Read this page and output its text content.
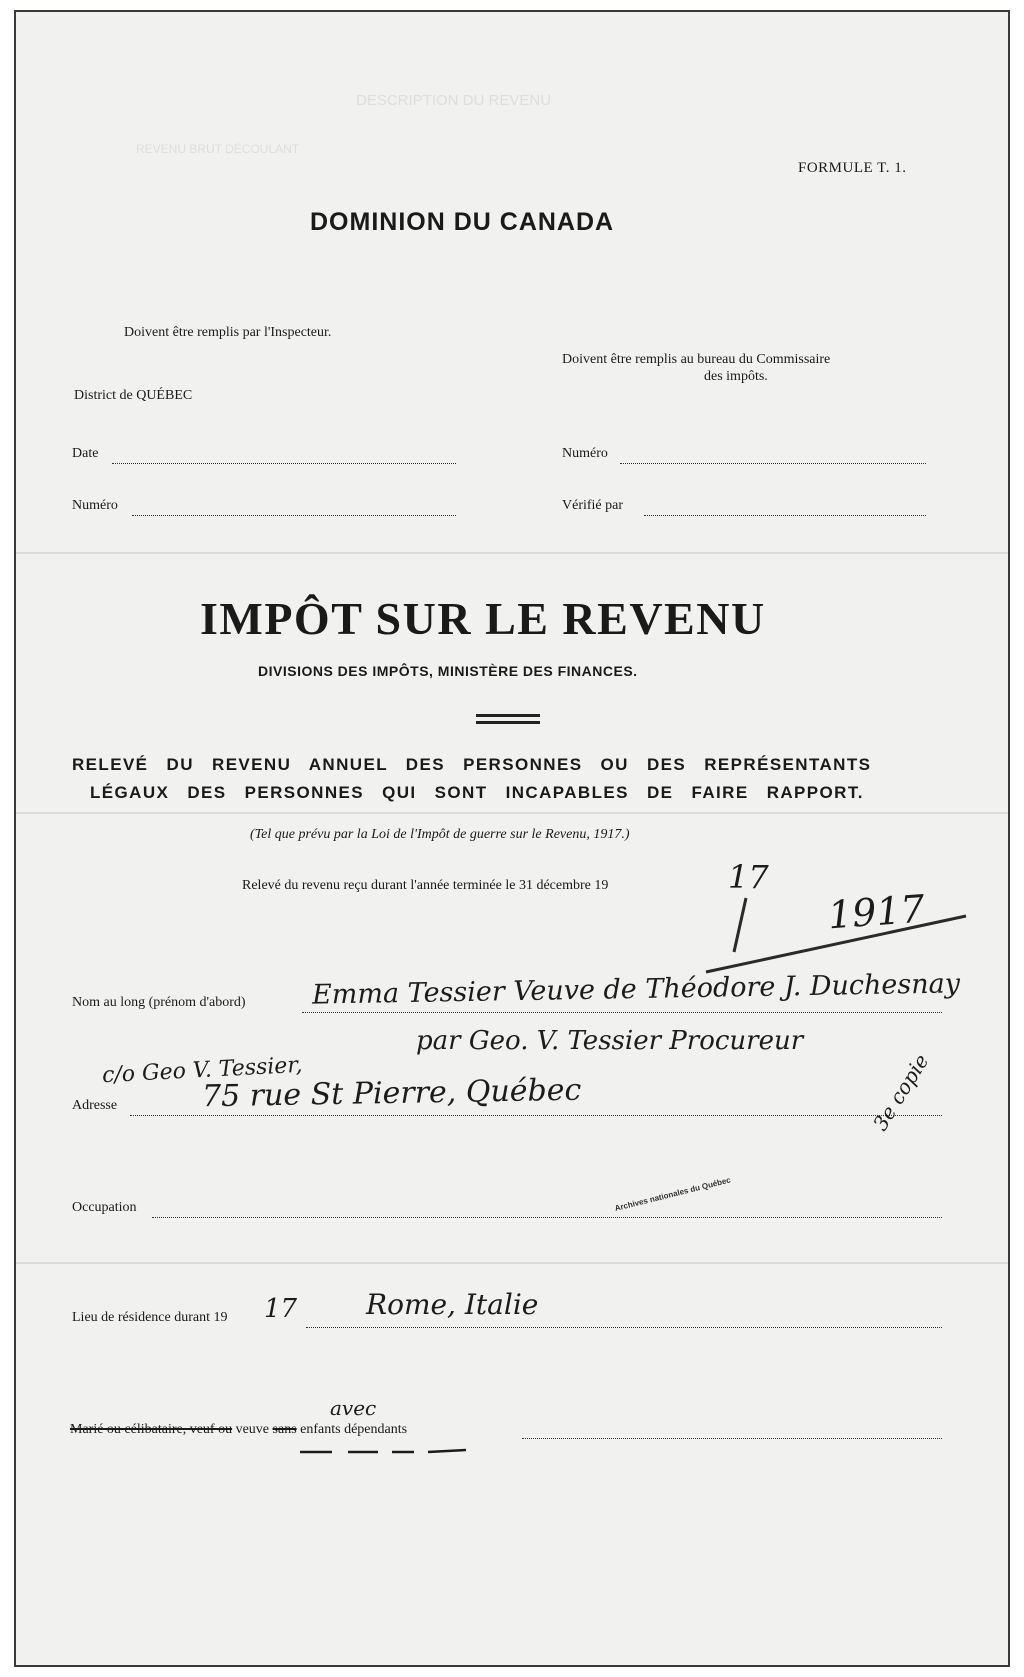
DESCRIPTION DU REVENU
REVENU BRUT DÉCOULANT
FORMULE T. 1.
DOMINION DU CANADA
Doivent être remplis par l'Inspecteur.
Doivent être remplis au bureau du Commissaire
des impôts.
District de QUÉBEC
Date	Numéro
Numéro	Vérifié par
IMPÔT SUR LE REVENU
DIVISIONS DES IMPÔTS, MINISTÈRE DES FINANCES.
RELEVÉ DU REVENU ANNUEL DES PERSONNES OU DES REPRÉSENTANTS
LÉGAUX DES PERSONNES QUI SONT INCAPABLES DE FAIRE RAPPORT.
(Tel que prévu par la Loi de l'Impôt de guerre sur le Revenu, 1917.)
Relevé du revenu reçu durant l'année terminée le 31 décembre 19	17
1917
Nom au long (prénom d'abord) Emma Tessier Veuve de Théodore J. Duchesnay
par Geo. V. Tessier Procureur
c/o Geo V. Tessier,
Adresse	75 rue St Pierre, Québec	3e copie
Archives nationales du Québec
Occupation
Lieu de résidence durant 19 17 Rome, Italie
avec
Marié ou célibataire, veuf ou veuve sans enfants dépendants
